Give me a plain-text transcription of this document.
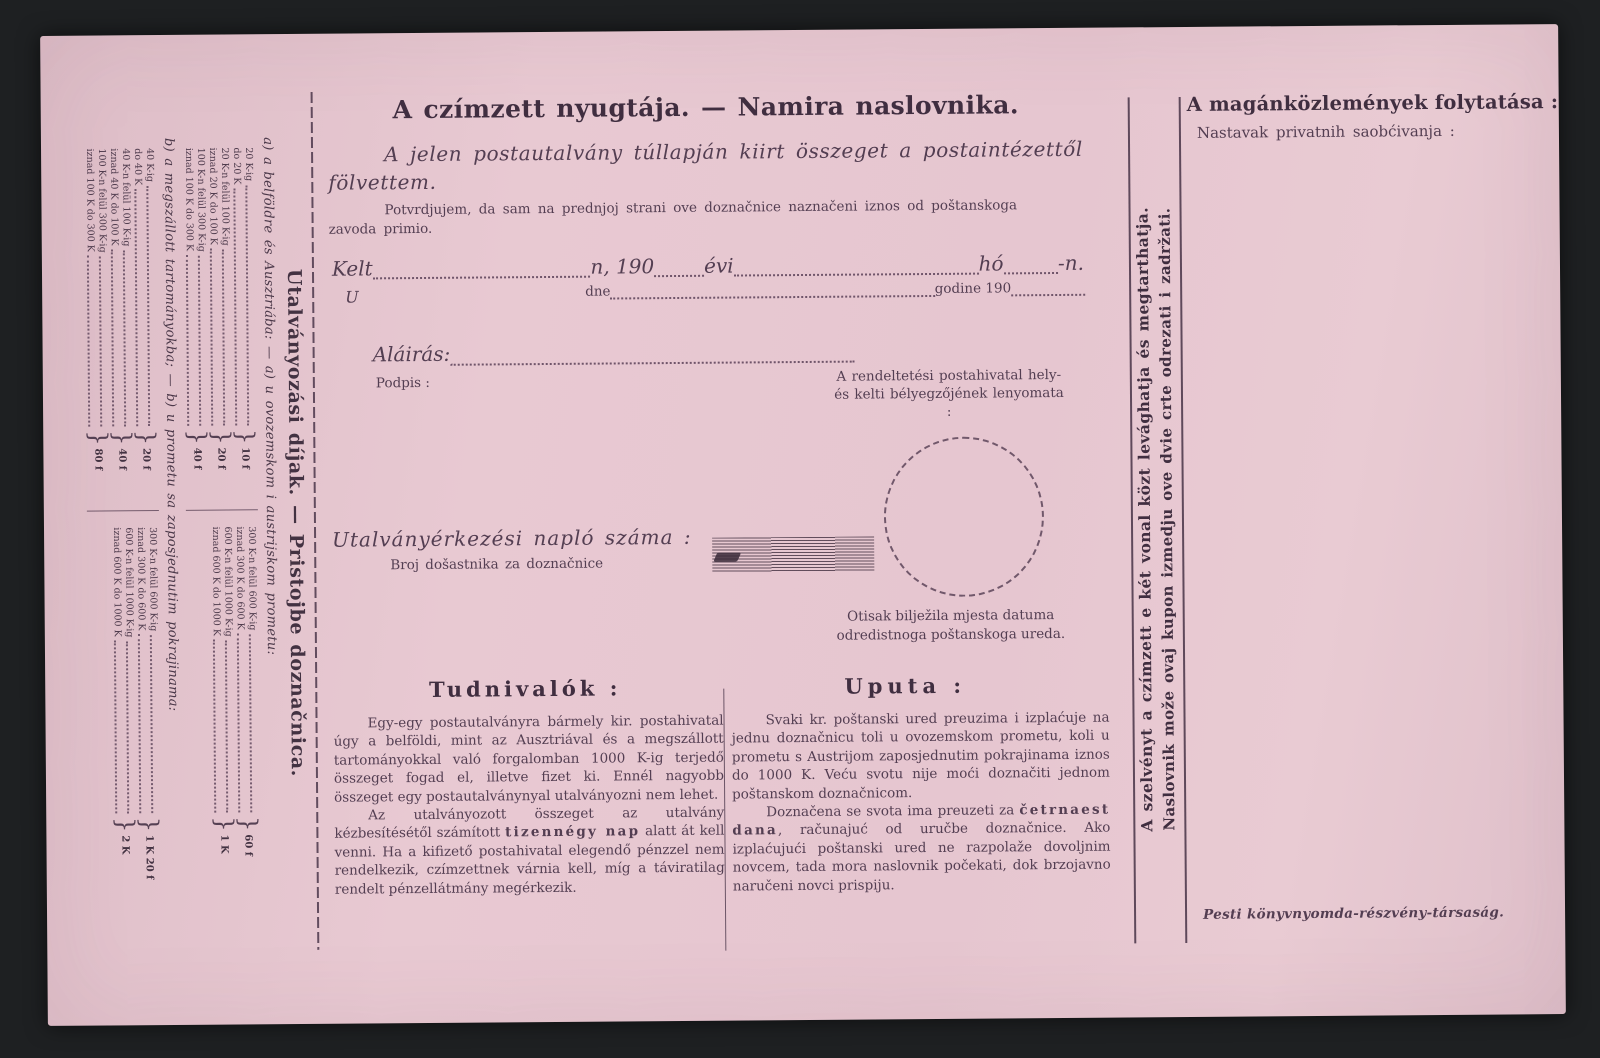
Utalványozási díjak. — Pristojbe doznačnica.
a) a belföldre és Ausztriába: — a) u ovozemskom i austrijskom prometu:
20 K-ig
do 20 K
}
10 f
20 K-n felül 100 K-ig
iznad 20 K do 100 K
}
20 f
100 K-n felül 300 K-ig
iznad 100 K do 300 K
}
40 f
300 K-n felül 600 K-ig
iznad 300 K do 600 K
}
60 f
600 K-n felül 1000 K-ig
iznad 600 K do 1000 K
}
1 K
b) a megszállott tartományokba; — b) u prometu sa zaposjednutim pokrajinama:
40 K-ig
do 40 K
}
20 f
40 K-n felül 100 K-ig
iznad 40 K do 100 K
}
40 f
100 K-n felül 300 K-ig
iznad 100 K do 300 K
}
80 f
300 K-n felül 600 K-ig
iznad 300 K do 600 K
}
1 K 20 f
600 K-n felül 1000 K-ig
iznad 600 K do 1000 K
}
2 K
A czímzett nyugtája. — Namira naslovnika.
A jelen postautalvány túllapján kiirt összeget a postaintézettől fölvettem.
Potvrdjujem, da sam na prednjoj strani ove doznačnice naznačeni iznos od poštanskoga zavoda primio.
Kelt	n, 190 évi	hó	-n.
U	dne	godine 190
Aláirás:
Podpis :	A rendeltetési postahivatal hely- és kelti bélyegzőjének lenyomata :
Otisak bilježila mjesta datuma odredistnoga poštanskoga ureda.
Utalványérkezési napló száma :
Broj došastnika za doznačnice
Tudnivalók :	Uputa :

Egy-egy postautalványra bármely kir. postahivatal úgy a belföldi, mint az Ausztriával és a megszállott tartományokkal való forgalomban 1000 K-ig terjedő összeget fogad el, illetve fizet ki. Ennél nagyobb összeget egy postautalványnyal utalványozni nem lehet.

Az utalványozott összeget az utalvány kézbesítésétől számított tizennégy nap alatt át kell venni. Ha a kifizető postahivatal elegendő pénzzel nem rendelkezik, czímzettnek várnia kell, míg a táviratilag rendelt pénzellátmány megérkezik.

Svaki kr. poštanski ured preuzima i izplaćuje na jednu doznačnicu toli u ovozemskom prometu, koli u prometu s Austrijom zaposjednutim pokrajinama iznos do 1000 K. Veću svotu nije moći doznačiti jednom poštanskom doznačnicom.

Doznačena se svota ima preuzeti za četrnaest dana, računajuć od uručbe doznačnice. Ako izplaćujući poštanski ured ne razpolaže dovoljnim novcem, tada mora naslovnik počekati, dok brzojavno naručeni novci prispiju.

A szelvényt a czímzett e két vonal közt levághatja és megtarthatja. Naslovnik može ovaj kupon izmedju ove dvie crte odrezati i zadržati.
A magánközlemények folytatása :
Nastavak privatnih saobćivanja :
Pesti könyvnyomda-részvény-társaság.
